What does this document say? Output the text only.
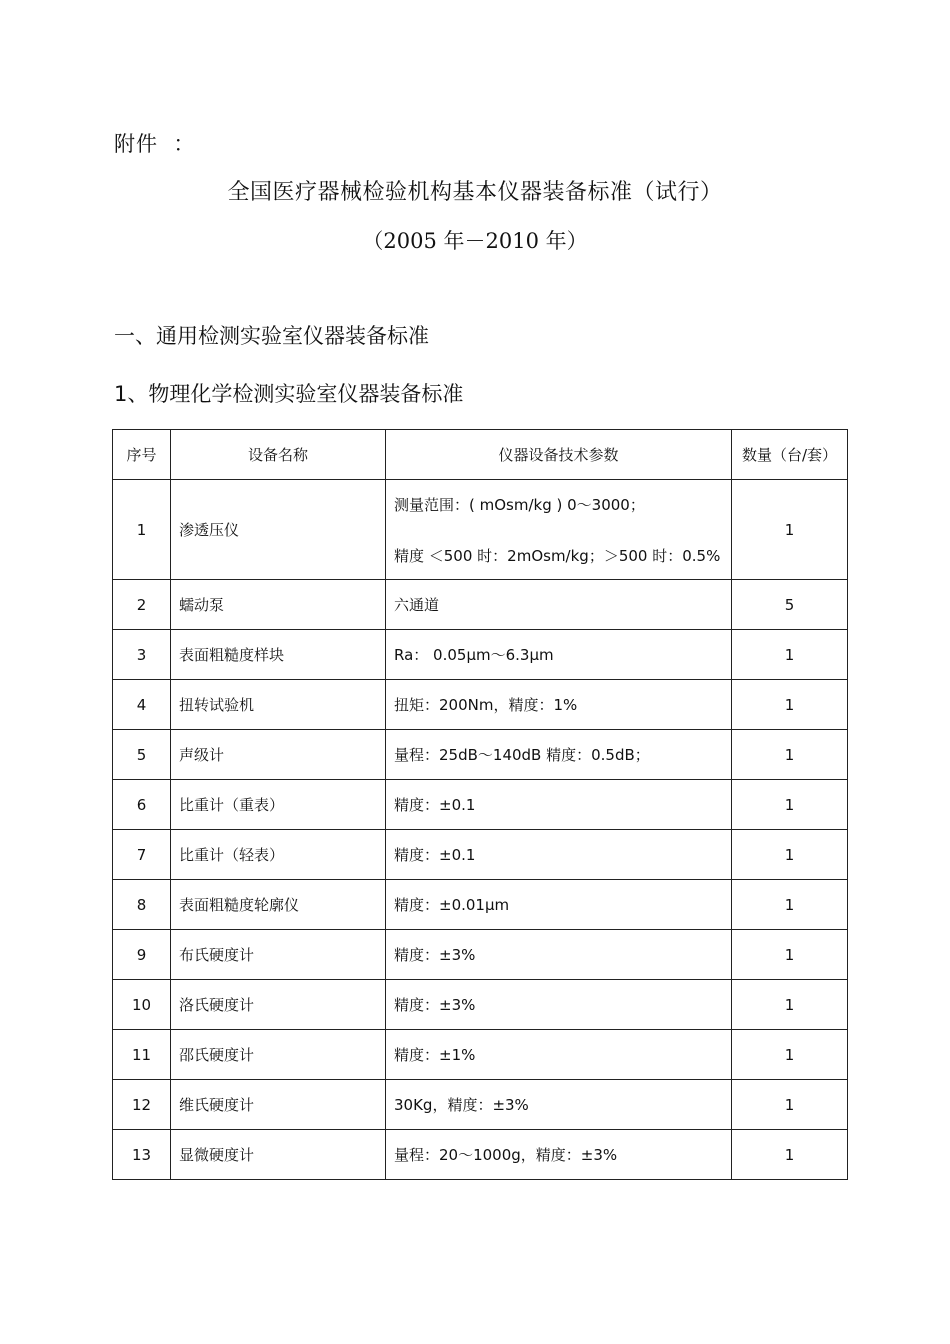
附件  ：
全国医疗器械检验机构基本仪器装备标准（试行）
（2005 年－2010 年）
一、通用检测实验室仪器装备标准
1、物理化学检测实验室仪器装备标准
序号	设备名称	仪器设备技术参数	数量（台/套）
1	渗透压仪	测量范围：( mOsm/kg ) 0～3000；
精度 ＜500 时：2mOsm/kg；＞500 时：0.5%	1
2	蠕动泵	六通道	5
3	表面粗糙度样块	Ra： 0.05μm～6.3μm	1
4	扭转试验机	扭矩：200Nm，精度：1%	1
5	声级计	量程：25dB～140dB 精度：0.5dB；	1
6	比重计（重表）	精度：±0.1	1
7	比重计（轻表）	精度：±0.1	1
8	表面粗糙度轮廓仪	精度：±0.01μm	1
9	布氏硬度计	精度：±3%	1
10	洛氏硬度计	精度：±3%	1
11	邵氏硬度计	精度：±1%	1
12	维氏硬度计	30Kg，精度：±3%	1
13	显微硬度计	量程：20～1000g，精度：±3%	1
